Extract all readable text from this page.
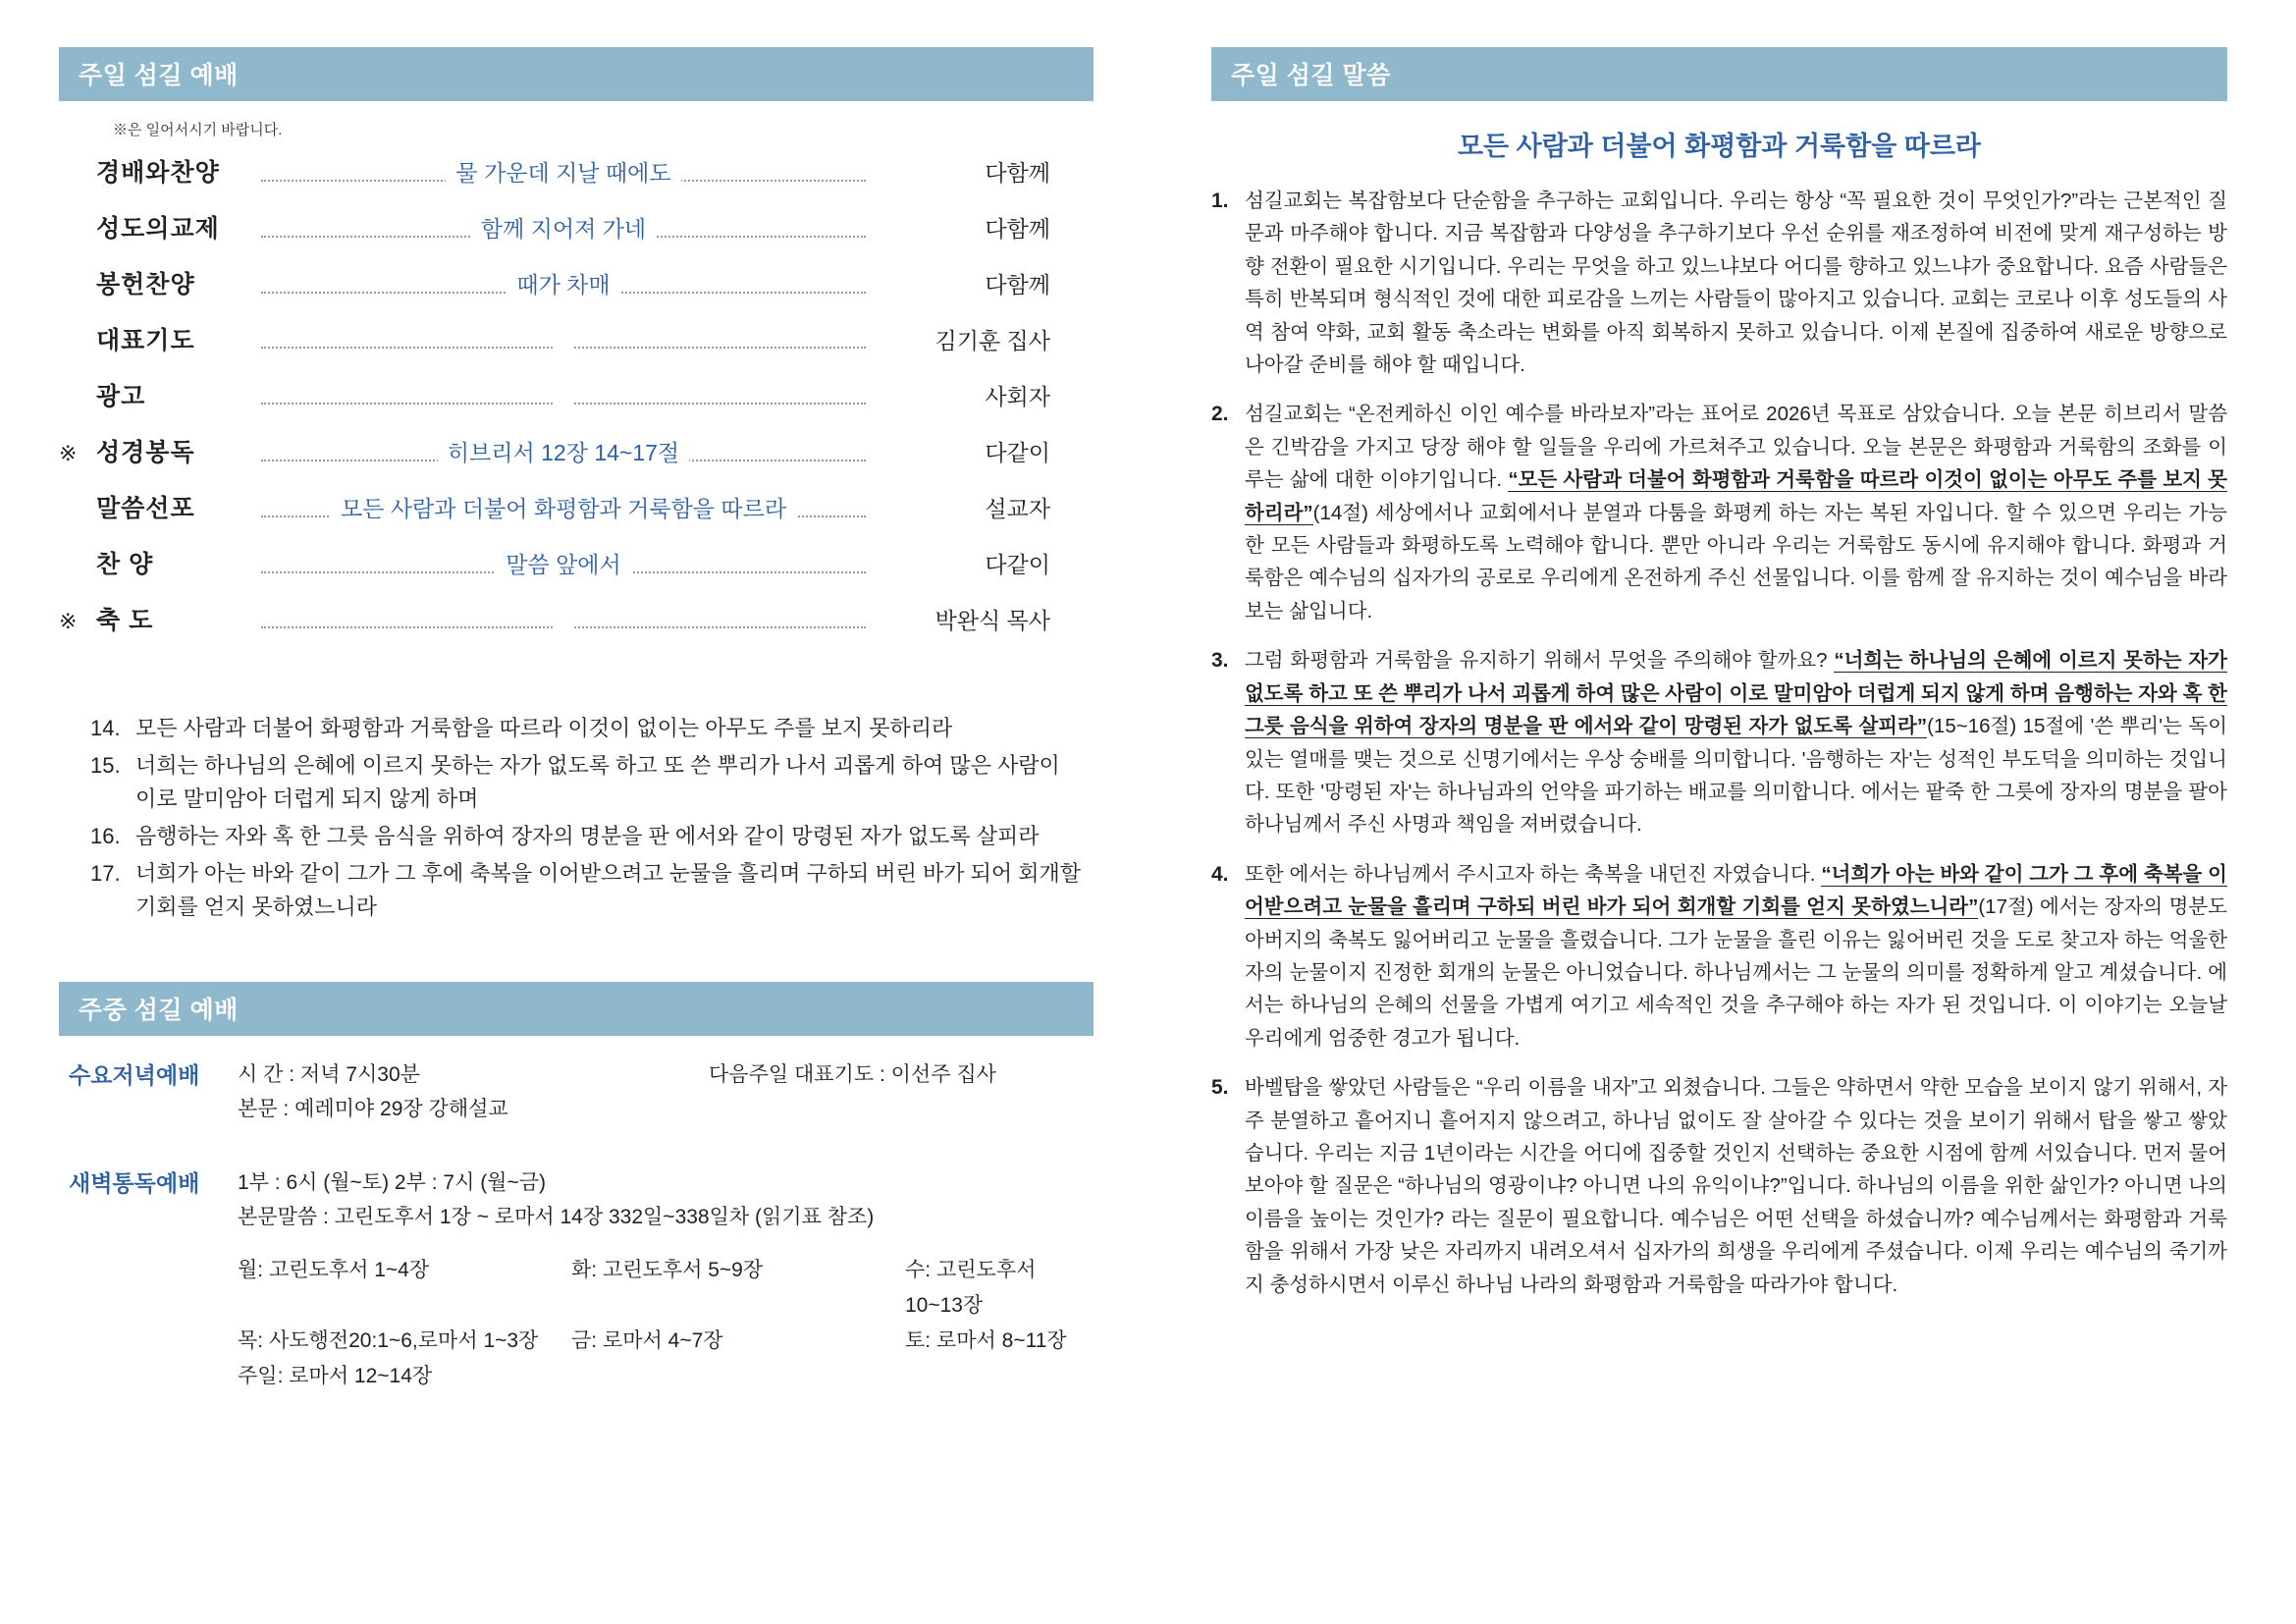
주일 섬길 예배
※은 일어서시기 바랍니다.
경배와찬양	물 가운데 지날 때에도	다함께
성도의교제	함께 지어져 가네	다함께
봉헌찬양	때가 차매	다함께
대표기도	김기훈 집사
광고	사회자
※ 성경봉독	히브리서 12장 14~17절	다같이
말씀선포	모든 사람과 더불어 화평함과 거룩함을 따르라	설교자
찬 양	말씀 앞에서	다같이
※ 축 도	박완식 목사
14. 모든 사람과 더불어 화평함과 거룩함을 따르라 이것이 없이는 아무도 주를 보지 못하리라
15. 너희는 하나님의 은혜에 이르지 못하는 자가 없도록 하고 또 쓴 뿌리가 나서 괴롭게 하여 많은 사람이 이로 말미암아 더럽게 되지 않게 하며
16. 음행하는 자와 혹 한 그릇 음식을 위하여 장자의 명분을 판 에서와 같이 망령된 자가 없도록 살피라
17. 너희가 아는 바와 같이 그가 그 후에 축복을 이어받으려고 눈물을 흘리며 구하되 버린 바가 되어 회개할 기회를 얻지 못하였느니라
주중 섬길 예배
수요저녁예배	시 간 : 저녁 7시30분	다음주일 대표기도 : 이선주 집사
본문 : 예레미야 29장 강해설교
새벽통독예배	1부 : 6시 (월~토) 2부 : 7시 (월~금)
본문말씀 : 고린도후서 1장 ~ 로마서 14장 332일~338일차 (읽기표 참조)
월: 고린도후서 1~4장	화: 고린도후서 5~9장	수: 고린도후서 10~13장
목: 사도행전20:1~6,로마서 1~3장	금: 로마서 4~7장	토: 로마서 8~11장
주일: 로마서 12~14장
주일 섬길 말씀
모든 사람과 더불어 화평함과 거룩함을 따르라
1. 섬길교회는 복잡함보다 단순함을 추구하는 교회입니다. 우리는 항상 “꼭 필요한 것이 무엇인가?”라는 근본적인 질문과 마주해야 합니다. 지금 복잡함과 다양성을 추구하기보다 우선 순위를 재조정하여 비전에 맞게 재구성하는 방향 전환이 필요한 시기입니다. 우리는 무엇을 하고 있느냐보다 어디를 향하고 있느냐가 중요합니다. 요즘 사람들은 특히 반복되며 형식적인 것에 대한 피로감을 느끼는 사람들이 많아지고 있습니다. 교회는 코로나 이후 성도들의 사역 참여 약화, 교회 활동 축소라는 변화를 아직 회복하지 못하고 있습니다. 이제 본질에 집중하여 새로운 방향으로 나아갈 준비를 해야 할 때입니다.
2. 섬길교회는 “온전케하신 이인 예수를 바라보자”라는 표어로 2026년 목표로 삼았습니다. 오늘 본문 히브리서 말씀은 긴박감을 가지고 당장 해야 할 일들을 우리에 가르쳐주고 있습니다. 오늘 본문은 화평함과 거룩함의 조화를 이루는 삶에 대한 이야기입니다. “모든 사람과 더불어 화평함과 거룩함을 따르라 이것이 없이는 아무도 주를 보지 못하리라”(14절) 세상에서나 교회에서나 분열과 다툼을 화평케 하는 자는 복된 자입니다. 할 수 있으면 우리는 가능한 모든 사람들과 화평하도록 노력해야 합니다. 뿐만 아니라 우리는 거룩함도 동시에 유지해야 합니다. 화평과 거룩함은 예수님의 십자가의 공로로 우리에게 온전하게 주신 선물입니다. 이를 함께 잘 유지하는 것이 예수님을 바라보는 삶입니다.
3. 그럼 화평함과 거룩함을 유지하기 위해서 무엇을 주의해야 할까요? “너희는 하나님의 은혜에 이르지 못하는 자가 없도록 하고 또 쓴 뿌리가 나서 괴롭게 하여 많은 사람이 이로 말미암아 더럽게 되지 않게 하며 음행하는 자와 혹 한 그릇 음식을 위하여 장자의 명분을 판 에서와 같이 망령된 자가 없도록 살피라”(15~16절) 15절에 '쓴 뿌리'는 독이 있는 열매를 맺는 것으로 신명기에서는 우상 숭배를 의미합니다. '음행하는 자'는 성적인 부도덕을 의미하는 것입니다. 또한 '망령된 자'는 하나님과의 언약을 파기하는 배교를 의미합니다. 에서는 팥죽 한 그릇에 장자의 명분을 팔아 하나님께서 주신 사명과 책임을 져버렸습니다.
4. 또한 에서는 하나님께서 주시고자 하는 축복을 내던진 자였습니다. “너희가 아는 바와 같이 그가 그 후에 축복을 이어받으려고 눈물을 흘리며 구하되 버린 바가 되어 회개할 기회를 얻지 못하였느니라”(17절) 에서는 장자의 명분도 아버지의 축복도 잃어버리고 눈물을 흘렸습니다. 그가 눈물을 흘린 이유는 잃어버린 것을 도로 찾고자 하는 억울한 자의 눈물이지 진정한 회개의 눈물은 아니었습니다. 하나님께서는 그 눈물의 의미를 정확하게 알고 계셨습니다. 에서는 하나님의 은혜의 선물을 가볍게 여기고 세속적인 것을 추구해야 하는 자가 된 것입니다. 이 이야기는 오늘날 우리에게 엄중한 경고가 됩니다.
5. 바벨탑을 쌓았던 사람들은 “우리 이름을 내자”고 외쳤습니다. 그들은 약하면서 약한 모습을 보이지 않기 위해서, 자주 분열하고 흩어지니 흩어지지 않으려고, 하나님 없이도 잘 살아갈 수 있다는 것을 보이기 위해서 탑을 쌓고 쌓았습니다. 우리는 지금 1년이라는 시간을 어디에 집중할 것인지 선택하는 중요한 시점에 함께 서있습니다. 먼저 물어보아야 할 질문은 “하나님의 영광이냐? 아니면 나의 유익이냐?”입니다. 하나님의 이름을 위한 삶인가? 아니면 나의 이름을 높이는 것인가? 라는 질문이 필요합니다. 예수님은 어떤 선택을 하셨습니까? 예수님께서는 화평함과 거룩함을 위해서 가장 낮은 자리까지 내려오셔서 십자가의 희생을 우리에게 주셨습니다. 이제 우리는 예수님의 죽기까지 충성하시면서 이루신 하나님 나라의 화평함과 거룩함을 따라가야 합니다.
